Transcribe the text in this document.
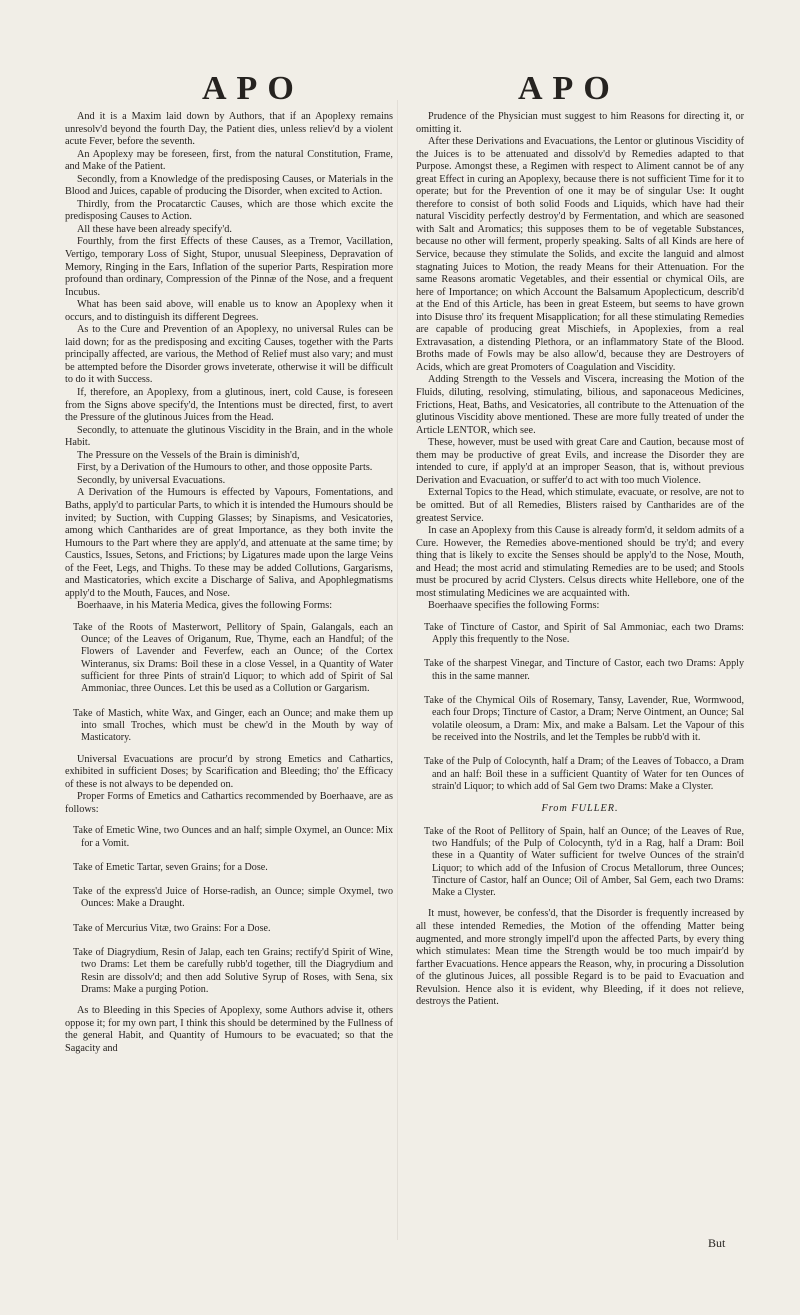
APO	APO

And it is a Maxim laid down by Authors, that if an Apoplexy remains unresolv'd beyond the fourth Day, the Patient dies, unless reliev'd by a violent acute Fever, before the seventh.

An Apoplexy may be foreseen, first, from the natural Constitution, Frame, and Make of the Patient.

Secondly, from a Knowledge of the predisposing Causes, or Materials in the Blood and Juices, capable of producing the Disorder, when excited to Action.

Thirdly, from the Procatarctic Causes, which are those which excite the predisposing Causes to Action.

All these have been already specify'd.

Fourthly, from the first Effects of these Causes, as a Tremor, Vacillation, Vertigo, temporary Loss of Sight, Stupor, unusual Sleepiness, Depravation of Memory, Ringing in the Ears, Inflation of the superior Parts, Respiration more profound than ordinary, Compression of the Pinnæ of the Nose, and a frequent Incubus.

What has been said above, will enable us to know an Apoplexy when it occurs, and to distinguish its different Degrees.

As to the Cure and Prevention of an Apoplexy, no universal Rules can be laid down; for as the predisposing and exciting Causes, together with the Parts principally affected, are various, the Method of Relief must also vary; and must be attempted before the Disorder grows inveterate, otherwise it will be difficult to do it with Success.

If, therefore, an Apoplexy, from a glutinous, inert, cold Cause, is foreseen from the Signs above specify'd, the Intentions must be directed, first, to avert the Pressure of the glutinous Juices from the Head.

Secondly, to attenuate the glutinous Viscidity in the Brain, and in the whole Habit.

The Pressure on the Vessels of the Brain is diminish'd,

First, by a Derivation of the Humours to other, and those opposite Parts.

Secondly, by universal Evacuations.

A Derivation of the Humours is effected by Vapours, Fomentations, and Baths, apply'd to particular Parts, to which it is intended the Humours should be invited; by Suction, with Cupping Glasses; by Sinapisms, and Vesicatories, among which Cantharides are of great Importance, as they both invite the Humours to the Part where they are apply'd, and attenuate at the same time; by Caustics, Issues, Setons, and Frictions; by Ligatures made upon the large Veins of the Feet, Legs, and Thighs. To these may be added Collutions, Gargarisms, and Masticatories, which excite a Discharge of Saliva, and Apophlegmatisms apply'd to the Mouth, Fauces, and Nose.

Boerhaave, in his Materia Medica, gives the following Forms:

Take of the Roots of Masterwort, Pellitory of Spain, Galangals, each an Ounce; of the Leaves of Origanum, Rue, Thyme, each an Handful; of the Flowers of Lavender and Feverfew, each an Ounce; of the Cortex Winteranus, six Drams: Boil these in a close Vessel, in a Quantity of Water sufficient for three Pints of strain'd Liquor; to which add of Spirit of Sal Ammoniac, three Ounces. Let this be used as a Collution or Gargarism.

Take of Mastich, white Wax, and Ginger, each an Ounce; and make them up into small Troches, which must be chew'd in the Mouth by way of Masticatory.

Universal Evacuations are procur'd by strong Emetics and Cathartics, exhibited in sufficient Doses; by Scarification and Bleeding; tho' the Efficacy of these is not always to be depended on.

Proper Forms of Emetics and Cathartics recommended by Boerhaave, are as follows:

Take of Emetic Wine, two Ounces and an half; simple Oxymel, an Ounce: Mix for a Vomit.

Take of Emetic Tartar, seven Grains; for a Dose.

Take of the express'd Juice of Horse-radish, an Ounce; simple Oxymel, two Ounces: Make a Draught.

Take of Mercurius Vitæ, two Grains: For a Dose.

Take of Diagrydium, Resin of Jalap, each ten Grains; rectify'd Spirit of Wine, two Drams: Let them be carefully rubb'd together, till the Diagrydium and Resin are dissolv'd; and then add Solutive Syrup of Roses, with Sena, six Drams: Make a purging Potion.

As to Bleeding in this Species of Apoplexy, some Authors advise it, others oppose it; for my own part, I think this should be determined by the Fullness of the general Habit, and Quantity of Humours to be evacuated; so that the Sagacity and

Prudence of the Physician must suggest to him Reasons for directing it, or omitting it.

After these Derivations and Evacuations, the Lentor or glutinous Viscidity of the Juices is to be attenuated and dissolv'd by Remedies adapted to that Purpose. Amongst these, a Regimen with respect to Aliment cannot be of any great Effect in curing an Apoplexy, because there is not sufficient Time for it to operate; but for the Prevention of one it may be of singular Use: It ought therefore to consist of both solid Foods and Liquids, which have had their natural Viscidity perfectly destroy'd by Fermentation, and which are seasoned with Salt and Aromatics; this supposes them to be of vegetable Substances, because no other will ferment, properly speaking. Salts of all Kinds are here of Service, because they stimulate the Solids, and excite the languid and almost stagnating Juices to Motion, the ready Means for their Attenuation. For the same Reasons aromatic Vegetables, and their essential or chymical Oils, are here of Importance; on which Account the Balsamum Apoplecticum, describ'd at the End of this Article, has been in great Esteem, but seems to have grown into Disuse thro' its frequent Misapplication; for all these stimulating Remedies are capable of producing great Mischiefs, in Apoplexies, from a real Extravasation, a distending Plethora, or an inflammatory State of the Blood. Broths made of Fowls may be also allow'd, because they are Destroyers of Acids, which are great Promoters of Coagulation and Viscidity.

Adding Strength to the Vessels and Viscera, increasing the Motion of the Fluids, diluting, resolving, stimulating, bilious, and saponaceous Medicines, Frictions, Heat, Baths, and Vesicatories, all contribute to the Attenuation of the glutinous Viscidity above mentioned. These are more fully treated of under the Article LENTOR, which see.

These, however, must be used with great Care and Caution, because most of them may be productive of great Evils, and increase the Disorder they are intended to cure, if apply'd at an improper Season, that is, without previous Derivation and Evacuation, or suffer'd to act with too much Violence.

External Topics to the Head, which stimulate, evacuate, or resolve, are not to be omitted. But of all Remedies, Blisters raised by Cantharides are of the greatest Service.

In case an Apoplexy from this Cause is already form'd, it seldom admits of a Cure. However, the Remedies above-mentioned should be try'd; and every thing that is likely to excite the Senses should be apply'd to the Nose, Mouth, and Head; the most acrid and stimulating Remedies are to be used; and Stools must be procured by acrid Clysters. Celsus directs white Hellebore, one of the most stimulating Medicines we are acquainted with.

Boerhaave specifies the following Forms:

Take of Tincture of Castor, and Spirit of Sal Ammoniac, each two Drams: Apply this frequently to the Nose.

Take of the sharpest Vinegar, and Tincture of Castor, each two Drams: Apply this in the same manner.

Take of the Chymical Oils of Rosemary, Tansy, Lavender, Rue, Wormwood, each four Drops; Tincture of Castor, a Dram; Nerve Ointment, an Ounce; Sal volatile oleosum, a Dram: Mix, and make a Balsam. Let the Vapour of this be received into the Nostrils, and let the Temples be rubb'd with it.

Take of the Pulp of Colocynth, half a Dram; of the Leaves of Tobacco, a Dram and an half: Boil these in a sufficient Quantity of Water for ten Ounces of strain'd Liquor; to which add of Sal Gem two Drams: Make a Clyster.

From FULLER.

Take of the Root of Pellitory of Spain, half an Ounce; of the Leaves of Rue, two Handfuls; of the Pulp of Colocynth, ty'd in a Rag, half a Dram: Boil these in a Quantity of Water sufficient for twelve Ounces of the strain'd Liquor; to which add of the Infusion of Crocus Metallorum, three Ounces; Tincture of Castor, half an Ounce; Oil of Amber, Sal Gem, each two Drams: Make a Clyster.

It must, however, be confess'd, that the Disorder is frequently increased by all these intended Remedies, the Motion of the offending Matter being augmented, and more strongly impell'd upon the affected Parts, by every thing which stimulates: Mean time the Strength would be too much impair'd by farther Evacuations. Hence appears the Reason, why, in procuring a Dissolution of the glutinous Juices, all possible Regard is to be paid to Evacuation and Revulsion. Hence also it is evident, why Bleeding, if it does not relieve, destroys the Patient.

But
